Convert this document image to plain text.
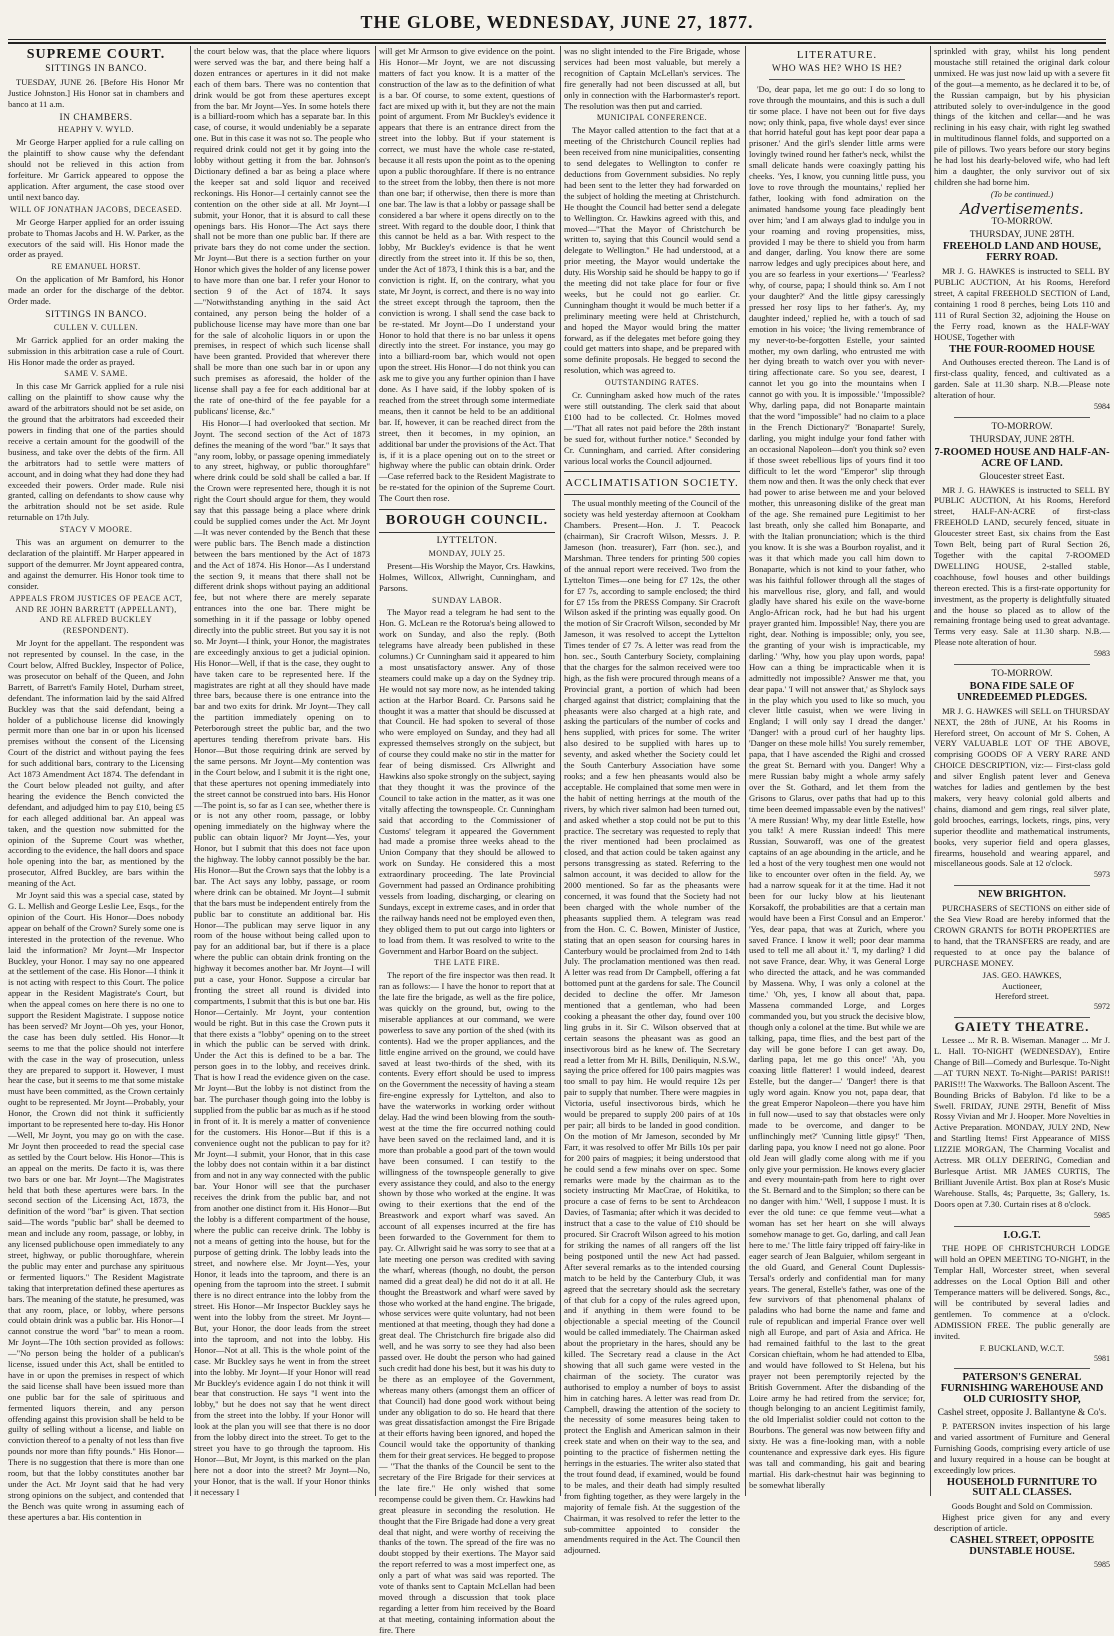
THE GLOBE, WEDNESDAY, JUNE 27, 1877.
SUPREME COURT.
SITTINGS IN BANCO.

TUESDAY, JUNE 26. [Before His Honor Mr Justice Johnston.] His Honor sat in chambers and banco at 11 a.m.

IN CHAMBERS.
HEAPHY V. WYLD.

Mr George Harper applied for a rule calling on the plaintiff to show cause why the defendant should not be relieved in this action from forfeiture. Mr Garrick appeared to oppose the application. After argument, the case stood over until next banco day.

WILL OF JONATHAN JACOBS, DECEASED.

Mr George Harper applied for an order issuing probate to Thomas Jacobs and H. W. Parker, as the executors of the said will. His Honor made the order as prayed.

RE EMANUEL HORST.

On the application of Mr Bamford, his Honor made an order for the discharge of the debtor. Order made.

SITTINGS IN BANCO.
CULLEN V. CULLEN.

Mr Garrick applied for an order making the submission in this arbitration case a rule of Court. His Honor made the order as prayed.

SAME V. SAME.

In this case Mr Garrick applied for a rule nisi calling on the plaintiff to show cause why the award of the arbitrators should not be set aside, on the ground that the arbitrators had exceeded their powers in finding that one of the parties should receive a certain amount for the goodwill of the business, and take over the debts of the firm. All the arbitrators had to settle were matters of account, and in doing what they had done they had exceeded their powers. Order made. Rule nisi granted, calling on defendants to show cause why the arbitration should not be set aside. Rule returnable on 17th July.

STACY V MOORE.

This was an argument on demurrer to the declaration of the plaintiff. Mr Harper appeared in support of the demurrer. Mr Joynt appeared contra, and against the demurrer. His Honor took time to consider.

APPEALS FROM JUSTICES OF PEACE ACT, AND RE JOHN BARRETT (APPELLANT), AND RE ALFRED BUCKLEY (RESPONDENT).

Mr Joynt for the appellant. The respondent was not represented by counsel. In the case, in the Court below, Alfred Buckley, Inspector of Police, was prosecutor on behalf of the Queen, and John Barrett, of Barrett's Family Hotel, Durham street, defendant. The information laid by the said Alfred Buckley was that the said defendant, being a holder of a publichouse license did knowingly permit more than one bar in or upon his licensed premises without the consent of the Licensing Court of the district and without paying the fees for such additional bars, contrary to the Licensing Act 1873 Amendment Act 1874. The defendant in the Court below pleaded not guilty, and after hearing the evidence the Bench convicted the defendant, and adjudged him to pay £10, being £5 for each alleged additional bar. An appeal was taken, and the question now submitted for the opinion of the Supreme Court was whether, according to the evidence, the hall doors and space hole opening into the bar, as mentioned by the prosecutor, Alfred Buckley, are bars within the meaning of the Act.

Mr Joynt said this was a special case, stated by G. L. Mellish and George Leslie Lee, Esqs., for the opinion of the Court. His Honor—Does nobody appear on behalf of the Crown? Surely some one is interested in the protection of the revenue. Who laid the information? Mr Joynt—Mr Inspector Buckley, your Honor. I may say no one appeared at the settlement of the case. His Honor—I think it is not acting with respect to this Court. The police appear in the Resident Magistrate's Court, but when the appeal comes on here there is no one to support the Resident Magistrate. I suppose notice has been served? Mr Joynt—Oh yes, your Honor, the case has been duly settled. His Honor—It seems to me that the police should not interfere with the case in the way of prosecution, unless they are prepared to support it. However, I must hear the case, but it seems to me that some mistake must have been committed, as the Crown certainly ought to be represented. Mr Joynt—Probably, your Honor, the Crown did not think it sufficiently important to be represented here to-day. His Honor—Well, Mr Joynt, you may go on with the case. Mr Joynt then proceeded to read the special case as settled by the Court below. His Honor—This is an appeal on the merits. De facto it is, was there two bars or one bar. Mr Joynt—The Magistrates held that both these apertures were bars. In the second section of the Licensing Act, 1873, the definition of the word "bar" is given. That section said—The words "public bar" shall be deemed to mean and include any room, passage, or lobby, in any licensed publichouse open immediately to any street, highway, or public thoroughfare, wherein the public may enter and purchase any spirituous or fermented liquors." The Resident Magistrate taking that interpretation defined these apertures as bars. The meaning of the statute, he presumed, was that any room, place, or lobby, where persons could obtain drink was a public bar. His Honor—I cannot construe the word "bar" to mean a room. Mr Joynt—The 10th section provided as follows:—"No person being the holder of a publican's license, issued under this Act, shall be entitled to have in or upon the premises in respect of which the said license shall have been issued more than one public bar for the sale of spirituous and fermented liquors therein, and any person offending against this provision shall be held to be guilty of selling without a license, and liable on conviction thereof to a penalty of not less than five pounds nor more than fifty pounds." His Honor—There is no suggestion that there is more than one room, but that the lobby constitutes another bar under the Act. Mr Joynt said that he had very strong opinions on the subject, and contended that the Bench was quite wrong in assuming each of these apertures a bar. His contention in

the court below was, that the place where liquors were served was the bar, and there being half a dozen entrances or apertures in it did not make each of them bars. There was no contention that drink would be got from these apertures except from the bar. Mr Joynt—Yes. In some hotels there is a billiard-room which has a separate bar. In this case, of course, it would undeniably be a separate one. But in this case it was not so. The people who required drink could not get it by going into the lobby without getting it from the bar. Johnson's Dictionary defined a bar as being a place where the keeper sat and sold liquor and received reckonings. His Honor—I certainly cannot see the contention on the other side at all. Mr Joynt—I submit, your Honor, that it is absurd to call these openings bars. His Honor—The Act says there shall not be more than one public bar. If there are private bars they do not come under the section. Mr Joynt—But there is a section further on your Honor which gives the holder of any license power to have more than one bar. I refer your Honor to section 9 of the Act of 1874. It says—"Notwithstanding anything in the said Act contained, any person being the holder of a publichouse license may have more than one bar for the sale of alcoholic liquors in or upon the premises, in respect of which such license shall have been granted. Provided that wherever there shall be more than one such bar in or upon any such premises as aforesaid, the holder of the license shall pay a fee for each additional bar at the rate of one-third of the fee payable for a publicans' license, &c."

His Honor—I had overlooked that section. Mr Joynt. The second section of the Act of 1873 defines the meaning of the word "bar." It says that "any room, lobby, or passage opening immediately to any street, highway, or public thoroughfare" where drink could be sold shall be called a bar. If the Crown were represented here, though it is not right the Court should argue for them, they would say that this passage being a place where drink could be supplied comes under the Act. Mr Joynt—It was never contended by the Bench that these were public bars. The Bench made a distinction between the bars mentioned by the Act of 1873 and the Act of 1874. His Honor—As I understand the section 9, it means that there shall not be different drink shops without paying an additional fee, but not where there are merely separate entrances into the one bar. There might be something in it if the passage or lobby opened directly into the public street. But you say it is not so. Mr Joynt—I think, your Honor, the magistrates are exceedingly anxious to get a judicial opinion. His Honor—Well, if that is the case, they ought to have taken care to be represented here. If the magistrates are right at all they should have made three bars, because there is one entrance into the bar and two exits for drink. Mr Joynt—They call the partition immediately opening on to Peterborough street the public bar, and the two apertures tending therefrom private bars. His Honor—But those requiring drink are served by the same persons. Mr Joynt—My contention was in the Court below, and I submit it is the right one, that these apertures not opening immediately into the street cannot be construed into bars. His Honor—The point is, so far as I can see, whether there is or is not any other room, passage, or lobby opening immediately on the highway where the public can obtain liquor? Mr Joynt—Yes, your Honor, but I submit that this does not face upon the highway. The lobby cannot possibly be the bar. His Honor—But the Crown says that the lobby is a bar. The Act says any lobby, passage, or room where drink can be obtained. Mr Joynt—I submit that the bars must be independent entirely from the public bar to constitute an additional bar. His Honor—The publican may serve liquor in any room of the house without being called upon to pay for an additional bar, but if there is a place where the public can obtain drink fronting on the highway it becomes another bar. Mr Joynt—I will put a case, your Honor. Suppose a circular bar fronting the street all round is divided into compartments, I submit that this is but one bar. His Honor—Certainly. Mr Joynt, your contention would be right. But in this case the Crown puts it that there exists a "lobby" opening on to the street in which the public can be served with drink. Under the Act this is defined to be a bar. The person goes in to the lobby, and receives drink. That is how I read the evidence given on the case. Mr Joynt—But the lobby is not distinct from the bar. The purchaser though going into the lobby is supplied from the public bar as much as if he stood in front of it. It is merely a matter of convenience for the customers. His Honor—But if this is a convenience ought not the publican to pay for it? Mr Joynt—I submit, your Honor, that in this case the lobby does not contain within it a bar distinct from and not in any way connected with the public bar. Your Honor will see that the purchaser receives the drink from the public bar, and not from another one distinct from it. His Honor—But the lobby is a different compartment of the house, where the public can receive drink. The lobby is not a means of getting into the house, but for the purpose of getting drink. The lobby leads into the street, and nowhere else. Mr Joynt—Yes, your Honor, it leads into the taproom, and there is an opening from the taproom into the street. I submit there is no direct entrance into the lobby from the street. His Honor—Mr Inspector Buckley says he went into the lobby from the street. Mr Joynt—But, your Honor, the door leads from the street into the taproom, and not into the lobby. His Honor—Not at all. This is the whole point of the case. Mr Buckley says he went in from the street into the lobby. Mr Joynt—If your Honor will read Mr Buckley's evidence again I do not think it will bear that construction. He says "I went into the lobby," but he does not say that he went direct from the street into the lobby. If your Honor will look at the plan you will see that there is no door from the lobby direct into the street. To get to the street you have to go through the taproom. His Honor—But, Mr Joynt, is this marked on the plan here not a door into the street? Mr Joynt—No, your Honor, that is the wall. If your Honor thinks it necessary I

will get Mr Armson to give evidence on the point. His Honor—Mr Joynt, we are not discussing matters of fact you know. It is a matter of the construction of the law as to the definition of what is a bar. Of course, to some extent, questions of fact are mixed up with it, but they are not the main point of argument. From Mr Buckley's evidence it appears that there is an entrance direct from the street into the lobby. But if your statement is correct, we must have the whole case re-stated, because it all rests upon the point as to the opening upon a public thoroughfare. If there is no entrance to the street from the lobby, then there is not more than one bar; if otherwise, then there is more than one bar. The law is that a lobby or passage shall be considered a bar where it opens directly on to the street. With regard to the double door, I think that this cannot be held as a bar. With respect to the lobby, Mr Buckley's evidence is that he went directly from the street into it. If this be so, then, under the Act of 1873, I think this is a bar, and the conviction is right. If, on the contrary, what you state, Mr Joynt, is correct, and there is no way into the street except through the taproom, then the conviction is wrong. I shall send the case back to be re-stated. Mr Joynt—Do I understand your Honor to hold that there is no bar unless it opens directly into the street. For instance, you may go into a billiard-room bar, which would not open upon the street. His Honor—I do not think you can ask me to give you any further opinion than I have done. As I have said, if the lobby spoken of is reached from the street through some intermediate means, then it cannot be held to be an additional bar. If, however, it can be reached direct from the street, then it becomes, in my opinion, an additional bar under the provisions of the Act. That is, if it is a place opening out on to the street or highway where the public can obtain drink. Order—Case referred back to the Resident Magistrate to be re-stated for the opinion of the Supreme Court. The Court then rose.

BOROUGH COUNCIL.
LYTTELTON.
MONDAY, JULY 25.

Present—His Worship the Mayor, Crs. Hawkins, Holmes, Willcox, Allwright, Cunningham, and Parsons.

SUNDAY LABOR.

The Mayor read a telegram he had sent to the Hon. G. McLean re the Rotorua's being allowed to work on Sunday, and also the reply. (Both telegrams have already been published in these columns.) Cr Cunningham said it appeared to him a most unsatisfactory answer. Any of those steamers could make up a day on the Sydney trip. He would not say more now, as he intended taking action at the Harbor Board. Cr. Parsons said he thought it was a matter that should be discussed at that Council. He had spoken to several of those who were employed on Sunday, and they had all expressed themselves strongly on the subject, but of course they could make no stir in the matter for fear of being dismissed. Crs Allwright and Hawkins also spoke strongly on the subject, saying that they thought it was the province of the Council to take action in the matter, as it was one vitally affecting the townspeople. Cr. Cunningham said that according to the Commissioner of Customs' telegram it appeared the Government had made a promise three weeks ahead to the Union Company that they should be allowed to work on Sunday. He considered this a most extraordinary proceeding. The late Provincial Government had passed an Ordinance prohibiting vessels from loading, discharging, or clearing on Sundays, except in extreme cases, and in order that the railway hands need not be employed even then, they obliged them to put out cargo into lighters or to load from them. It was resolved to write to the Government and Harbor Board on the subject.

THE LATE FIRE.

The report of the fire inspector was then read. It ran as follows:— I have the honor to report that at the late fire the brigade, as well as the fire police, was quickly on the ground, but, owing to the miserable appliances at our command, we were powerless to save any portion of the shed (with its contents). Had we the proper appliances, and the little engine arrived on the ground, we could have saved at least two-thirds of the shed, with its contents. Every effort should be used to impress on the Government the necessity of having a steam fire-engine expressly for Lyttelton, and also to have the waterworks in working order without delay. Had the wind been blowing from the south-west at the time the fire occurred nothing could have been saved on the reclaimed land, and it is more than probable a good part of the town would have been consumed. I can testify to the willingness of the townspeople generally to give every assistance they could, and also to the energy shown by those who worked at the engine. It was owing to their exertions that the end of the Breastwork and export wharf was saved. An account of all expenses incurred at the fire has been forwarded to the Government for them to pay. Cr. Allwright said he was sorry to see that at a late meeting one person was credited with saving the wharf, whereas (though, no doubt, the person named did a great deal) he did not do it at all. He thought the Breastwork and wharf were saved by those who worked at the hand engine. The brigade, whose services were quite voluntary, had not been mentioned at that meeting, though they had done a great deal. The Christchurch fire brigade also did well, and he was sorry to see they had also been passed over. He doubt the person who had gained such credit had done his best, but it was his duty to be there as an employee of the Government, whereas many others (amongst them an officer of that Council) had done good work without being under any obligation to do so. He heard that there was great dissatisfaction amongst the Fire Brigade at their efforts having been ignored, and hoped the Council would take the opportunity of thanking them for their great services. He begged to propose— "That the thanks of the Council be sent to the secretary of the Fire Brigade for their services at the late fire." He only wished that some recompense could be given them. Cr. Hawkins had great pleasure in seconding the resolution. He thought that the Fire Brigade had done a very great deal that night, and were worthy of receiving the thanks of the town. The spread of the fire was no doubt stopped by their exertions. The Mayor said the report referred to was a most imperfect one, as only a part of what was said was reported. The vote of thanks sent to Captain McLellan had been moved through a discussion that took place regarding a letter from him received by the Board at that meeting, containing information about the fire. There

was no slight intended to the Fire Brigade, whose services had been most valuable, but merely a recognition of Captain McLellan's services. The fire generally had not been discussed at all, but only in connection with the Harbormaster's report. The resolution was then put and carried.

MUNICIPAL CONFERENCE.

The Mayor called attention to the fact that at a meeting of the Christchurch Council replies had been received from nine municipalities, consenting to send delegates to Wellington to confer re deductions from Government subsidies. No reply had been sent to the letter they had forwarded on the subject of holding the meeting at Christchurch. He thought the Council had better send a delegate to Wellington. Cr. Hawkins agreed with this, and moved—"That the Mayor of Christchurch be written to, saying that this Council would send a delegate to Wellington." He had understood, at a prior meeting, the Mayor would undertake the duty. His Worship said he should be happy to go if the meeting did not take place for four or five weeks, but he could not go earlier. Cr. Cunningham thought it would be much better if a preliminary meeting were held at Christchurch, and hoped the Mayor would bring the matter forward, as if the delegates met before going they could get matters into shape, and be prepared with some definite proposals. He begged to second the resolution, which was agreed to.

OUTSTANDING RATES.

Cr. Cunningham asked how much of the rates were still outstanding. The clerk said that about £100 had to be collected. Cr. Holmes moved—"That all rates not paid before the 28th instant be sued for, without further notice." Seconded by Cr. Cunningham, and carried. After considering various local works the Council adjourned.

ACCLIMATISATION SOCIETY.

The usual monthly meeting of the Council of the society was held yesterday afternoon at Cookham Chambers. Present—Hon. J. T. Peacock (chairman), Sir Cracroft Wilson, Messrs. J. P. Jameson (hon. treasurer), Farr (hon. sec.), and Marshman. Three tenders for printing 500 copies of the annual report were received. Two from the Lyttelton Times—one being for £7 12s, the other for £7 7s, according to sample enclosed; the third for £7 15s from the PRESS Company. Sir Cracroft Wilson asked if the printing was equally good. On the motion of Sir Cracroft Wilson, seconded by Mr Jameson, it was resolved to accept the Lyttelton Times tender of £7 7s. A letter was read from the hon. sec., South Canterbury Society, complaining that the charges for the salmon received were too high, as the fish were procured through means of a Provincial grant, a portion of which had been charged against that district; complaining that the pheasants were also charged at a high rate, and asking the particulars of the number of cocks and hens supplied, with prices for some. The writer also desired to be supplied with hares up to seventy, and asked whether the Society could let the South Canterbury Association have some rooks; and a few hen pheasants would also be acceptable. He complained that some men were in the habit of netting herrings at the mouth of the rivers, by which river salmon had been turned out, and asked whether a stop could not be put to this practice. The secretary was requested to reply that the river mentioned had been proclaimed as closed, and that action could be taken against any persons transgressing as stated. Referring to the salmon account, it was decided to allow for the 2000 mentioned. So far as the pheasants were concerned, it was found that the Society had not been charged with the whole number of the pheasants supplied them. A telegram was read from the Hon. C. C. Bowen, Minister of Justice, stating that an open season for coursing hares in Canterbury would be proclaimed from 2nd to 14th July. The proclamation mentioned was then read. A letter was read from Dr Campbell, offering a fat bottomed punt at the gardens for sale. The Council decided to decline the offer. Mr Jameson mentioned that a gentleman, who had been cooking a pheasant the other day, found over 100 ling grubs in it. Sir C. Wilson observed that at certain seasons the pheasant was as good an insectivorous bird as he knew of. The Secretary read a letter from Mr H. Bills, Deniliquin, N.S.W., saying the price offered for 100 pairs magpies was too small to pay him. He would require 12s per pair to supply that number. There were magpies in Victoria, useful insectivorous birds, which he would be prepared to supply 200 pairs of at 10s per pair; all birds to be landed in good condition. On the motion of Mr Jameson, seconded by Mr Farr, it was resolved to offer Mr Bills 10s per pair for 200 pairs of magpies; it being understood that he could send a few minahs over on spec. Some remarks were made by the chairman as to the society instructing Mr MacCrae, of Hokitika, to procure a case of ferns to be sent to Archdeacon Davies, of Tasmania; after which it was decided to instruct that a case to the value of £10 should be procured. Sir Cracroft Wilson agreed to his motion for striking the names of all rangers off the list being postponed until the new Act had passed. After several remarks as to the intended coursing match to be held by the Canterbury Club, it was agreed that the secretary should ask the secretary of that club for a copy of the rules agreed upon, and if anything in them were found to be objectionable a special meeting of the Council would be called immediately. The Chairman asked about the proprietary in the hares, should any be killed. The Secretary read a clause in the Act showing that all such game were vested in the chairman of the society. The curator was authorised to employ a number of boys to assist him in catching hares. A letter was read from Dr. Campbell, drawing the attention of the society to the necessity of some measures being taken to protect the English and American salmon in their creek state and when on their way to the sea, and pointing to the practice of fishermen netting the herrings in the estuaries. The writer also stated that the trout found dead, if examined, would be found to be males, and their death had simply resulted from fighting together, as they were largely in the majority of female fish. At the suggestion of the Chairman, it was resolved to refer the letter to the sub-committee appointed to consider the amendments required in the Act. The Council then adjourned.

LITERATURE.
WHO WAS HE? WHO IS HE?

'Do, dear papa, let me go out: I do so long to rove through the mountains, and this is such a dull tir some place. I have not been out for five days now; only think, papa, five whole days! ever since that horrid hateful gout has kept poor dear papa a prisoner.' And the girl's slender little arms were lovingly twined round her father's neck, whilst the small delicate hands were coaxingly patting his cheeks. 'Yes, I know, you cunning little puss, you love to rove through the mountains,' replied her father, looking with fond admiration on the animated handsome young face pleadingly bent over him; 'and I am always glad to indulge you in your roaming and roving propensities, miss, provided I may be there to shield you from harm and danger, darling. You know there are some narrow ledges and ugly precipices about here, and you are so fearless in your exertions—' 'Fearless? why, of course, papa; I should think so. Am I not your daughter?' And the little gipsy caressingly pressed her rosy lips to her father's. Ay, my daughter indeed,' replied he, with a touch of sad emotion in his voice; 'the living remembrance of my never-to-be-forgotten Estelle, your sainted mother, my own darling, who entrusted me with her dying breath to watch over you with never-tiring affectionate care. So you see, dearest, I cannot let you go into the mountains when I cannot go with you. It is impossible.' 'Impossible? Why, darling papa, did not Bonaparte maintain that the word "impossible" had no claim to a place in the French Dictionary?' 'Bonaparte! Surely, darling, you might indulge your fond father with an occasional Napoleon—don't you think so? even if those sweet rebellious lips of yours find it too difficult to let the word "Emperor" slip through them now and then. It was the only check that ever had power to arise between me and your beloved mother, this unreasoning dislike of the great man of the age. She remained pure Legitimist to her last breath, only she called him Bonaparte, and with the Italian pronunciation; which is the third you know. It is she was a Bourbon royalist, and it was it that which made you call him down to Bonaparte, which is not kind to your father, who was his faithful follower through all the stages of his marvellous rise, glory, and fall, and would gladly have shared his exile on the wave-borne Anglo-African rock, had he but had his urgent prayer granted him. Impossible! Nay, there you are right, dear. Nothing is impossible; only, you see, the granting of your wish is impracticable, my darling.' 'Why, how you play upon words, papa! How can a thing be impracticable when it is admittedly not impossible? Answer me that, you dear papa.' 'I will not answer that,' as Shylock says in the play which you used to like so much, you clever little casuist, when we were living in England; I will only say I dread the danger.' 'Danger! with a proud curl of her haughty lips. 'Danger on these mole hills! You surely remember, papa, that I have ascended the Righi and crossed the great St. Bernard with you. Danger! Why a mere Russian baby might a whole army safely over the St. Gothard, and let them from the Grisons to Glarus, over paths that had up to this time been deemed impassable even by the natives!' 'A mere Russian! Why, my dear little Estelle, how you talk! A mere Russian indeed! This mere Russian, Souwaroff, was one of the greatest captains of an age abounding in the article, and he led a host of the very toughest men one would not like to encounter over often in the field. Ay, we had a narrow squeak for it at the time. Had it not been for our lucky blow at his lieutenant Korsakoff, the probabilities are that a certain man would have been a First Consul and an Emperor.' 'Yes, dear papa, that was at Zurich, where you saved France. I know it well; poor dear mamma used to tell me all about it.' 'I, my darling? I did not save France, dear. Why, it was General Lorge who directed the attack, and he was commanded by Massena. Why, I was only a colonel at the time.' 'Oh, yes, I know all about that, papa. Massena commanded Lorge, and Lorges commanded you, but you struck the decisive blow, though only a colonel at the time. But while we are talking, papa, time flies, and the best part of the day will be gone before I can get away. Do, darling papa, let me go this once!' 'Ah, you coaxing little flatterer! I would indeed, dearest Estelle, but the danger—' 'Danger! there is that ugly word again. Know you not, papa dear, that the great Emperor Napoleon—there you have him in full now—used to say that obstacles were only made to be overcome, and danger to be unflinchingly met?' 'Cunning little gipsy!' 'Then, darling papa, you know I need not go alone. Poor old Jean will gladly come along with me if you only give your permission. He knows every glacier and every mountain-path from here to right over the St. Bernard and to the Simplon; so there can be no danger with him.' 'Well, I suppose I must. It is ever the old tune: ce que femme veut—what a woman has set her heart on she will always somehow manage to get. Go, darling, and call Jean here to me.' The little fairy tripped off fairy-like in eager search of Jean Balguier, whilom sergeant in the old Guard, and General Count Duplessis-Tersal's orderly and confidential man for many years. The general, Estelle's father, was one of the few survivors of that phenomenal phalanx of paladins who had borne the name and fame and rule of republican and imperial France over well nigh all Europe, and part of Asia and Africa. He had remained faithful to the last to the great Corsican chieftain, whom he had attended to Elba, and would have followed to St Helena, but his prayer not been peremptorily rejected by the British Government. After the disbanding of the Loire army he had retired from the service; for, though belonging to an ancient Legitimist family, the old Imperialist soldier could not cotton to the Bourbons. The general was now between fifty and sixty. He was a fine-looking man, with a noble countenance and expressive dark eyes. His figure was tall and commanding, his gait and bearing martial. His dark-chestnut hair was beginning to be somewhat liberally

sprinkled with gray, whilst his long pendent moustache still retained the original dark colour unmixed. He was just now laid up with a severe fit of the gout—a memento, as he declared it to be, of the Russian campaign, but by his physician attributed solely to over-indulgence in the good things of the kitchen and cellar—and he was reclining in his easy chair, with right leg swathed in multitudinous flannel folds, and supported on a pile of pillows. Two years before our story begins he had lost his dearly-beloved wife, who had left him a daughter, the only survivor out of six children she had borne him.

(To be continued.)
Advertisements.
TO-MORROW.
THURSDAY, JUNE 28TH.
FREEHOLD LAND AND HOUSE, FERRY ROAD.

MR J. G. HAWKES is instructed to SELL BY PUBLIC AUCTION, At his Rooms, Hereford street, A capital FREEHOLD SECTION of Land, containing 1 rood 8 perches, being Lots 110 and 111 of Rural Section 32, adjoining the House on the Ferry road, known as the HALF-WAY HOUSE, Together with

THE FOUR-ROOMED HOUSE

And Outhouses erected thereon. The Land is of first-class quality, fenced, and cultivated as a garden. Sale at 11.30 sharp. N.B.—Please note alteration of hour.

5984
TO-MORROW.
THURSDAY, JUNE 28TH.
7-ROOMED HOUSE AND HALF-AN-ACRE OF LAND.
Gloucester street East.

MR J. G. HAWKES is instructed to SELL BY PUBLIC AUCTION, At his Rooms, Hereford street, HALF-AN-ACRE of first-class FREEHOLD LAND, securely fenced, situate in Gloucester street East, six chains from the East Town Belt, being part of Rural Section 26, Together with the capital 7-ROOMED DWELLING HOUSE, 2-stalled stable, coachhouse, fowl houses and other buildings thereon erected. This is a first-rate opportunity for investment, as the property is delightfully situated and the house so placed as to allow of the remaining frontage being used to great advantage. Terms very easy. Sale at 11.30 sharp. N.B.—Please note alteration of hour.

5983
TO-MORROW.
BONA FIDE SALE OF UNREDEEMED PLEDGES.

MR J. G. HAWKES will SELL on THURSDAY NEXT, the 28th of JUNE, At his Rooms in Hereford street, On account of Mr S. Cohen, A VERY VALUABLE LOT OF THE ABOVE, comprising GOODS OF A VERY RARE AND CHOICE DESCRIPTION, viz:— First-class gold and silver English patent lever and Geneva watches for ladies and gentlemen by the best makers, very heavy colonial gold alberts and chains, diamond and gem rings, real silver plate, gold brooches, earrings, lockets, rings, pins, very superior theodlite and mathematical instruments, books, very superior field and opera glasses, firearms, household and wearing apparel, and miscellaneous goods. Sale at 12 o'clock.

5973
NEW BRIGHTON.

PURCHASERS of SECTIONS on either side of the Sea View Road are hereby informed that the CROWN GRANTS for BOTH PROPERTIES are to hand, that the TRANSFERS are ready, and are requested to at once pay the balance of PURCHASE MONEY.

JAS. GEO. HAWKES,
Auctioneer,
Hereford street.
5972
GAIETY THEATRE.

Lessee ... Mr R. B. Wiseman. Manager ... Mr J. L. Hall. TO-NIGHT (WEDNESDAY), Entire Change of Bill—Comedy and Burlesque. To-Night—AT TURN NEXT. To-Night—PARIS! PARIS!! PARIS!!! The Waxworks. The Balloon Ascent. The Bounding Bricks of Babylon. I'd like to be a Swell. FRIDAY, JUNE 29TH, Benefit of Miss Rossy Vivian and Mr J. Hooper. More Novelties in Active Preparation. MONDAY, JULY 2ND, New and Startling Items! First Appearance of MISS LIZZIE MORGAN, The Charming Vocalist and Actress. MR OLLY DEERING, Comedian and Burlesque Artist. MR JAMES CURTIS, The Brilliant Juvenile Artist. Box plan at Rose's Music Warehouse. Stalls, 4s; Parquette, 3s; Gallery, 1s. Doors open at 7.30. Curtain rises at 8 o'clock.

5985
I.O.G.T.

THE HOPE OF CHRISTCHURCH LODGE will hold an OPEN MEETING TO-NIGHT, in the Templar Hall, Worcester street, when several addresses on the Local Option Bill and other Temperance matters will be delivered. Songs, &c., will be contributed by several ladies and gentlemen. To commence at a o'clock. ADMISSION FREE. The public generally are invited.

F. BUCKLAND, W.C.T.
5981
PATERSON'S GENERAL FURNISHING WAREHOUSE AND OLD CURIOSITY SHOP,
Cashel street, opposite J. Ballantyne & Co's.

P. PATERSON invites inspection of his large and varied assortment of Furniture and General Furnishing Goods, comprising every article of use and luxury required in a house can be bought at exceedingly low prices.

HOUSEHOLD FURNITURE TO SUIT ALL CLASSES.
Goods Bought and Sold on Commission.

Highest price given for any and every description of article.

CASHEL STREET, OPPOSITE DUNSTABLE HOUSE.
5985
